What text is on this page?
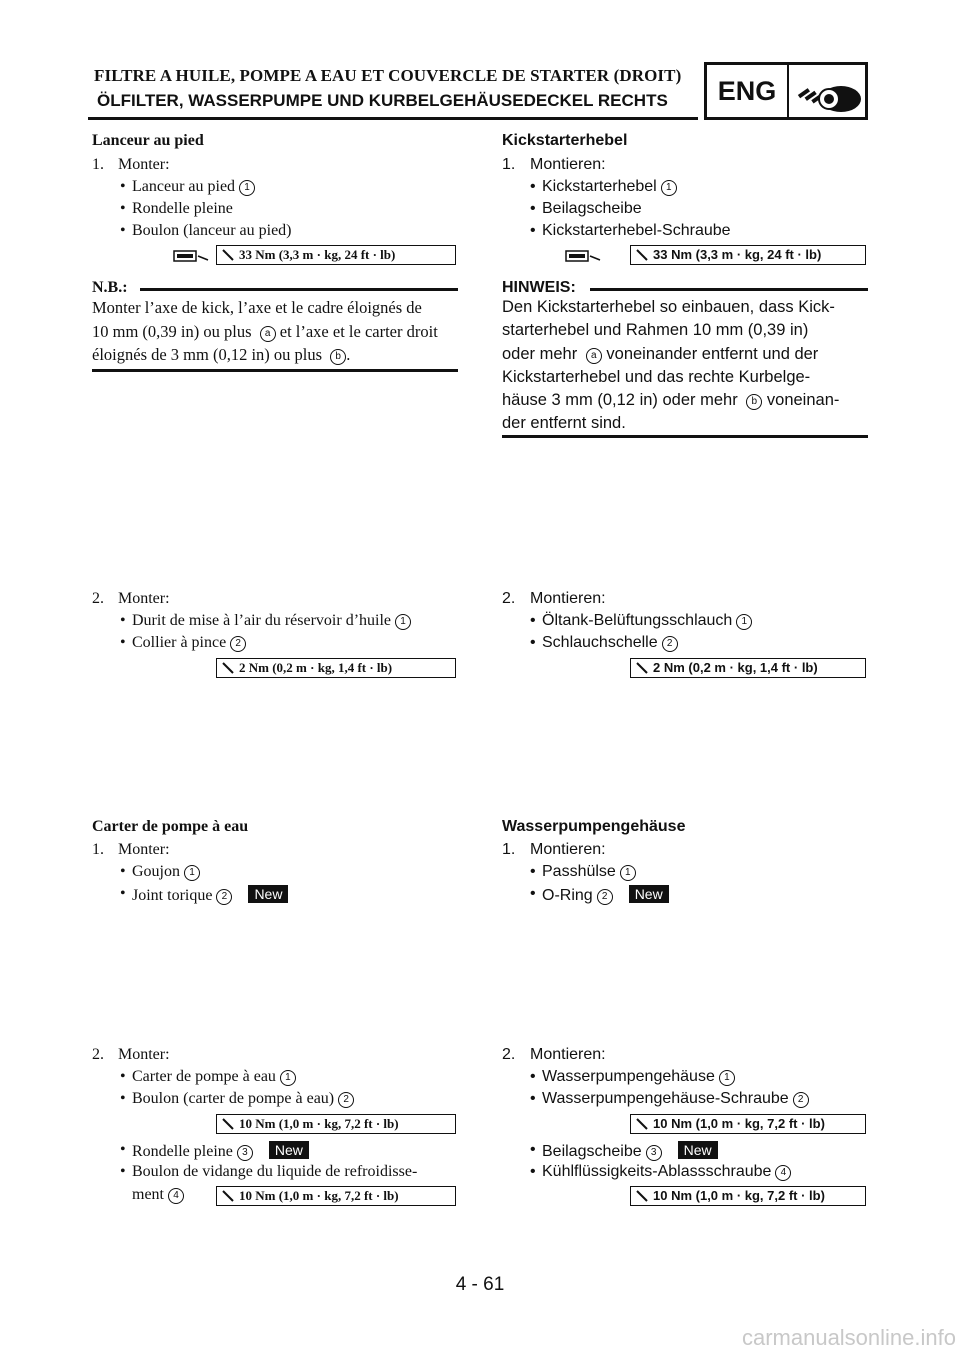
FILTRE A HUILE, POMPE A EAU ET COUVERCLE DE STARTER (DROIT)
ÖLFILTER, WASSERPUMPE UND KURBELGEHÄUSEDECKEL RECHTS	ENG
Lanceur au pied
1. Monter:
• Lanceur au pied 1
• Rondelle pleine
• Boulon (lanceur au pied)
33 Nm (3,3 m · kg, 24 ft · lb)
N.B.:
Monter l’axe de kick, l’axe et le cadre éloignés de
10 mm (0,39 in) ou plus a et l’axe et le carter droit
éloignés de 3 mm (0,12 in) ou plus b .
2. Monter:
• Durit de mise à l’air du réservoir d’huile 1
• Collier à pince 2
2 Nm (0,2 m · kg, 1,4 ft · lb)
Carter de pompe à eau
1. Monter:
• Goujon 1
• Joint torique 2 New
2. Monter:
• Carter de pompe à eau 1
• Boulon (carter de pompe à eau) 2
10 Nm (1,0 m · kg, 7,2 ft · lb)
• Rondelle pleine 3 New
• Boulon de vidange du liquide de refroidisse-
ment 4	10 Nm (1,0 m · kg, 7,2 ft · lb)
Kickstarterhebel
1. Montieren:
• Kickstarterhebel 1
• Beilagscheibe
• Kickstarterhebel-Schraube
33 Nm (3,3 m · kg, 24 ft · lb)
HINWEIS:
Den Kickstarterhebel so einbauen, dass Kick-
starterhebel und Rahmen 10 mm (0,39 in)
oder mehr a voneinander entfernt und der
Kickstarterhebel und das rechte Kurbelge-
häuse 3 mm (0,12 in) oder mehr b voneinan-
der entfernt sind.
2. Montieren:
• Öltank-Belüftungsschlauch 1
• Schlauchschelle 2
2 Nm (0,2 m · kg, 1,4 ft · lb)
Wasserpumpengehäuse
1. Montieren:
• Passhülse 1
• O-Ring 2 New
2. Montieren:
• Wasserpumpengehäuse 1
• Wasserpumpengehäuse-Schraube 2
10 Nm (1,0 m · kg, 7,2 ft · lb)
• Beilagscheibe 3 New
• Kühlflüssigkeits-Ablassschraube 4
10 Nm (1,0 m · kg, 7,2 ft · lb)
4 - 61
carmanualsonline.info
